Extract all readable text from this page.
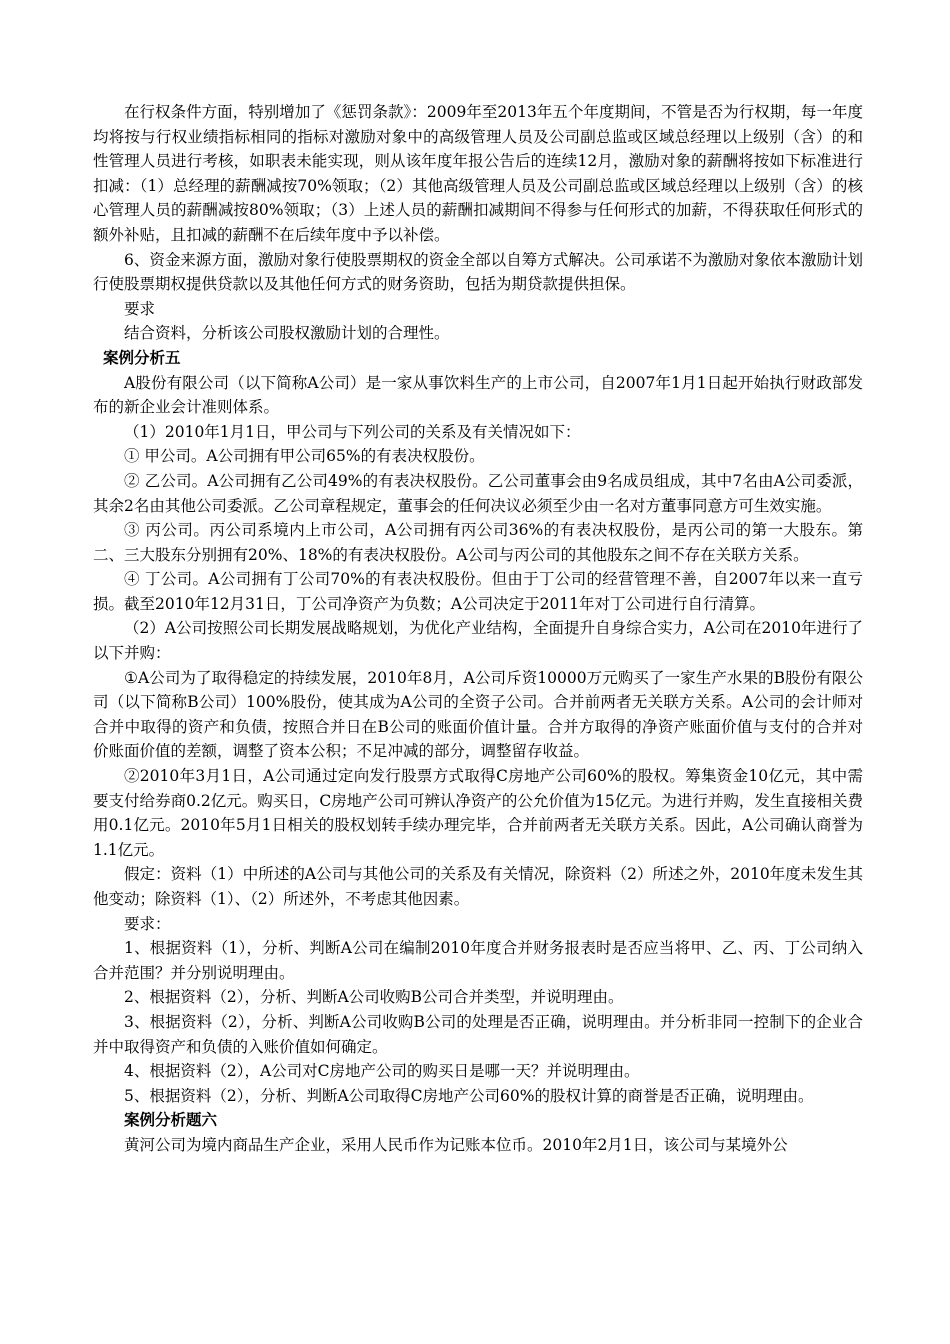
在行权条件方面，特别增加了《惩罚条款》：2009年至2013年五个年度期间，不管是否为行权期，每一年度均将按与行权业绩指标相同的指标对激励对象中的高级管理人员及公司副总监或区域总经理以上级别（含）的和性管理人员进行考核，如职表未能实现，则从该年度年报公告后的连续12月，激励对象的薪酬将按如下标准进行扣减：（1）总经理的薪酬减按70%领取；（2）其他高级管理人员及公司副总监或区域总经理以上级别（含）的核心管理人员的薪酬减按80%领取；（3）上述人员的薪酬扣减期间不得参与任何形式的加薪，不得获取任何形式的额外补贴，且扣减的薪酬不在后续年度中予以补偿。

6、资金来源方面，激励对象行使股票期权的资金全部以自筹方式解决。公司承诺不为激励对象依本激励计划行使股票期权提供贷款以及其他任何方式的财务资助，包括为期贷款提供担保。

要求

结合资料，分析该公司股权激励计划的合理性。

案例分析五

A股份有限公司（以下简称A公司）是一家从事饮料生产的上市公司，自2007年1月1日起开始执行财政部发布的新企业会计准则体系。

（1）2010年1月1日，甲公司与下列公司的关系及有关情况如下：

① 甲公司。A公司拥有甲公司65%的有表决权股份。

② 乙公司。A公司拥有乙公司49%的有表决权股份。乙公司董事会由9名成员组成，其中7名由A公司委派，其余2名由其他公司委派。乙公司章程规定，董事会的任何决议必须至少由一名对方董事同意方可生效实施。

③ 丙公司。丙公司系境内上市公司，A公司拥有丙公司36%的有表决权股份，是丙公司的第一大股东。第二、三大股东分别拥有20%、18%的有表决权股份。A公司与丙公司的其他股东之间不存在关联方关系。

④ 丁公司。A公司拥有丁公司70%的有表决权股份。但由于丁公司的经营管理不善，自2007年以来一直亏损。截至2010年12月31日，丁公司净资产为负数；A公司决定于2011年对丁公司进行自行清算。

（2）A公司按照公司长期发展战略规划，为优化产业结构，全面提升自身综合实力，A公司在2010年进行了以下并购：

①A公司为了取得稳定的持续发展，2010年8月，A公司斥资10000万元购买了一家生产水果的B股份有限公司（以下简称B公司）100%股份，使其成为A公司的全资子公司。合并前两者无关联方关系。A公司的会计师对合并中取得的资产和负债，按照合并日在B公司的账面价值计量。合并方取得的净资产账面价值与支付的合并对价账面价值的差额，调整了资本公积；不足冲减的部分，调整留存收益。

②2010年3月1日，A公司通过定向发行股票方式取得C房地产公司60%的股权。筹集资金10亿元，其中需要支付给券商0.2亿元。购买日，C房地产公司可辨认净资产的公允价值为15亿元。为进行并购，发生直接相关费用0.1亿元。2010年5月1日相关的股权划转手续办理完毕，合并前两者无关联方关系。因此，A公司确认商誉为1.1亿元。

假定：资料（1）中所述的A公司与其他公司的关系及有关情况，除资料（2）所述之外，2010年度未发生其他变动；除资料（1）、（2）所述外，不考虑其他因素。

要求：

1、根据资料（1），分析、判断A公司在编制2010年度合并财务报表时是否应当将甲、乙、丙、丁公司纳入合并范围？并分别说明理由。

2、根据资料（2），分析、判断A公司收购B公司合并类型，并说明理由。

3、根据资料（2），分析、判断A公司收购B公司的处理是否正确，说明理由。并分析非同一控制下的企业合并中取得资产和负债的入账价值如何确定。

4、根据资料（2），A公司对C房地产公司的购买日是哪一天？并说明理由。

5、根据资料（2），分析、判断A公司取得C房地产公司60%的股权计算的商誉是否正确，说明理由。

案例分析题六

黄河公司为境内商品生产企业，采用人民币作为记账本位币。2010年2月1日，该公司与某境外公
